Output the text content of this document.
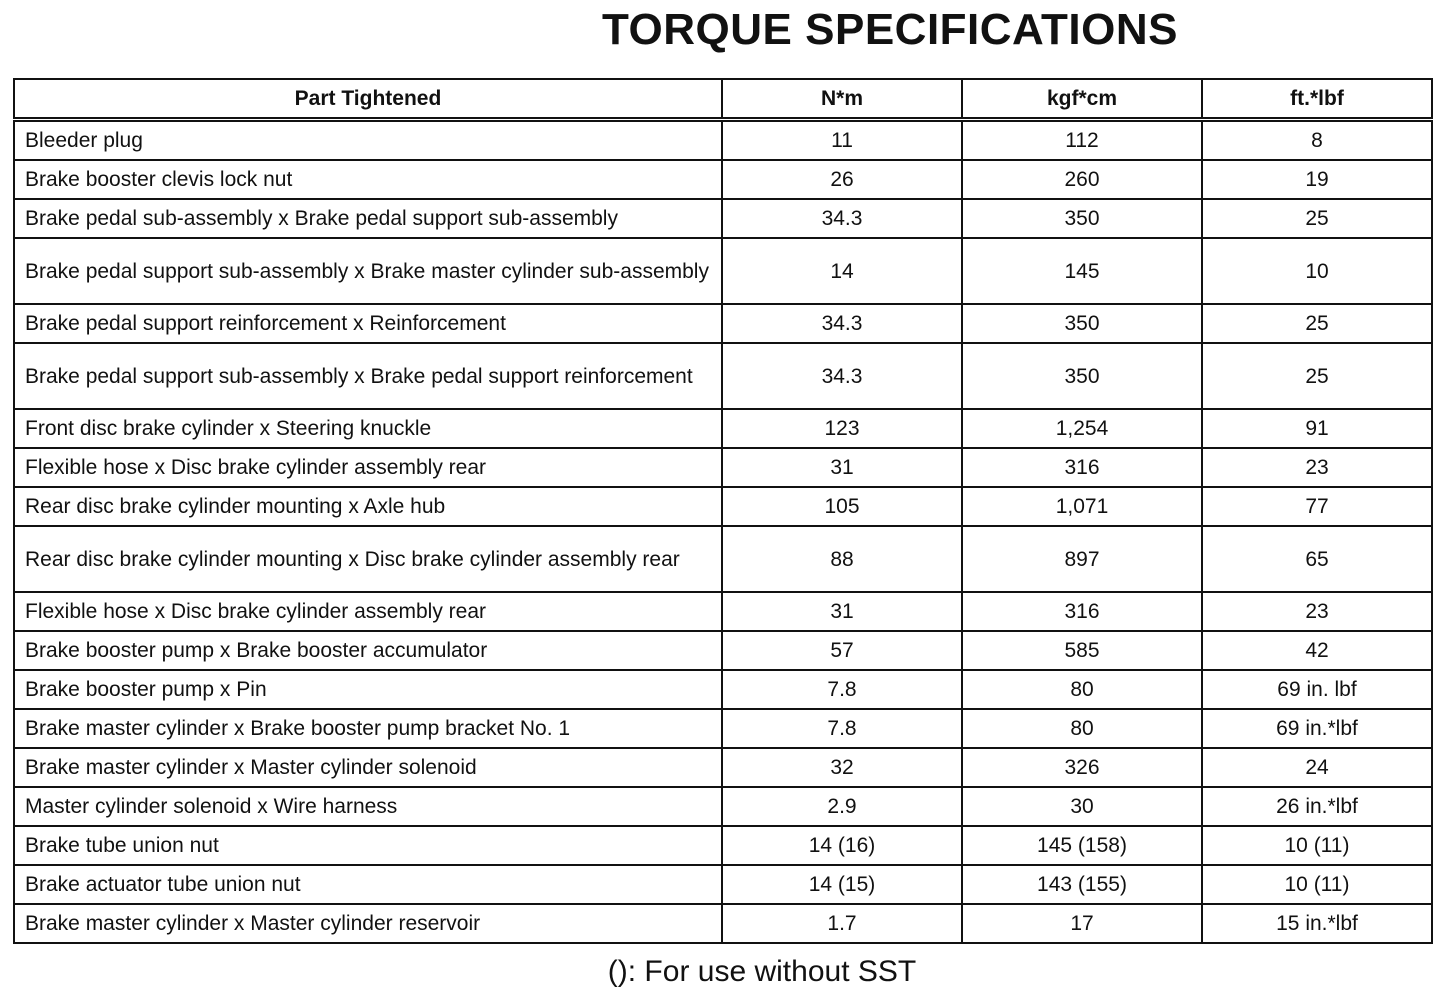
TORQUE SPECIFICATIONS
Part Tightened	N*m	kgf*cm	ft.*lbf
Bleeder plug	11	112	8
Brake booster clevis lock nut	26	260	19
Brake pedal sub-assembly x Brake pedal support sub-assembly	34.3	350	25
Brake pedal support sub-assembly x Brake master cylinder sub-assembly	14	145	10
Brake pedal support reinforcement x Reinforcement	34.3	350	25
Brake pedal support sub-assembly x Brake pedal support reinforcement	34.3	350	25
Front disc brake cylinder x Steering knuckle	123	1,254	91
Flexible hose x Disc brake cylinder assembly rear	31	316	23
Rear disc brake cylinder mounting x Axle hub	105	1,071	77
Rear disc brake cylinder mounting x Disc brake cylinder assembly rear	88	897	65
Flexible hose x Disc brake cylinder assembly rear	31	316	23
Brake booster pump x Brake booster accumulator	57	585	42
Brake booster pump x Pin	7.8	80	69 in. lbf
Brake master cylinder x Brake booster pump bracket No. 1	7.8	80	69 in.*lbf
Brake master cylinder x Master cylinder solenoid	32	326	24
Master cylinder solenoid x Wire harness	2.9	30	26 in.*lbf
Brake tube union nut	14 (16)	145 (158)	10 (11)
Brake actuator tube union nut	14 (15)	143 (155)	10 (11)
Brake master cylinder x Master cylinder reservoir	1.7	17	15 in.*lbf
(): For use without SST
